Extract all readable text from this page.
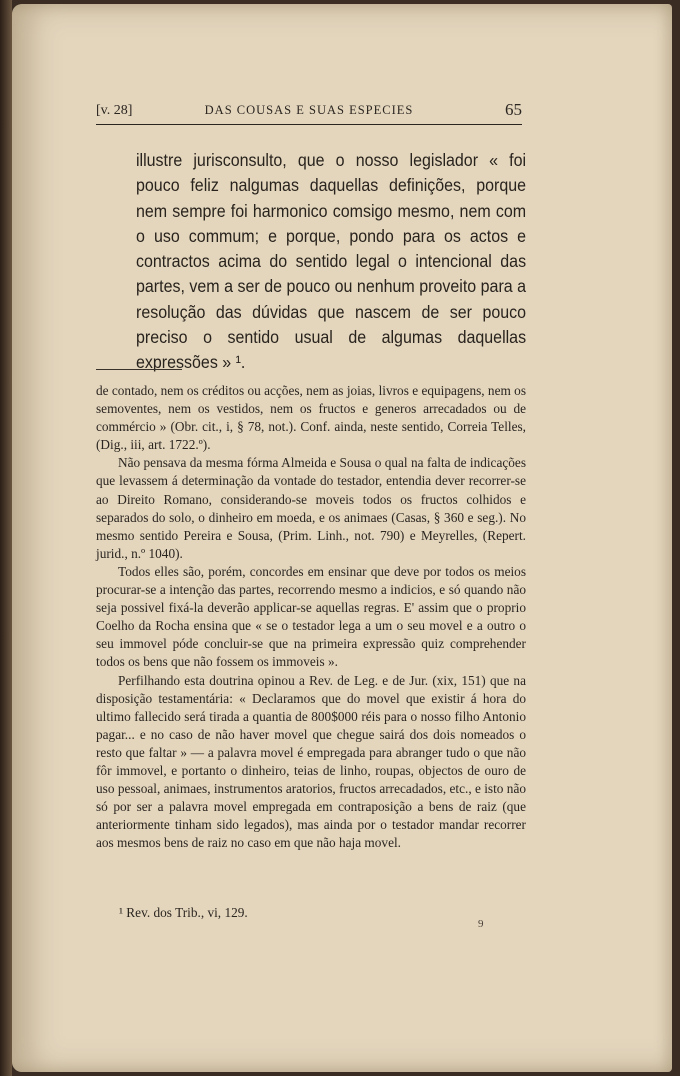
[v. 28]	DAS COUSAS E SUAS ESPECIES	65
illustre jurisconsulto, que o nosso legislador « foi pouco feliz nalgumas daquellas definições, porque nem sempre foi harmonico comsigo mesmo, nem com o uso commum; e porque, pondo para os actos e contractos acima do sentido legal o intencional das partes, vem a ser de pouco ou nenhum proveito para a resolução das dúvidas que nascem de ser pouco preciso o sentido usual de algumas daquellas expressões » ¹.

de contado, nem os créditos ou acções, nem as joias, livros e equipagens, nem os semoventes, nem os vestidos, nem os fructos e generos arrecadados ou de commércio » (Obr. cit., i, § 78, not.). Conf. ainda, neste sentido, Correia Telles, (Dig., iii, art. 1722.º).

Não pensava da mesma fórma Almeida e Sousa o qual na falta de indicações que levassem á determinação da vontade do testador, entendia dever recorrer-se ao Direito Romano, considerando-se moveis todos os fructos colhidos e separados do solo, o dinheiro em moeda, e os animaes (Casas, § 360 e seg.). No mesmo sentido Pereira e Sousa, (Prim. Linh., not. 790) e Meyrelles, (Repert. jurid., n.º 1040).

Todos elles são, porém, concordes em ensinar que deve por todos os meios procurar-se a intenção das partes, recorrendo mesmo a indicios, e só quando não seja possivel fixá-la deverão applicar-se aquellas regras. E' assim que o proprio Coelho da Rocha ensina que « se o testador lega a um o seu movel e a outro o seu immovel póde concluir-se que na primeira expressão quiz comprehender todos os bens que não fossem os immoveis ».

Perfilhando esta doutrina opinou a Rev. de Leg. e de Jur. (xix, 151) que na disposição testamentária: « Declaramos que do movel que existir á hora do ultimo fallecido será tirada a quantia de 800$000 réis para o nosso filho Antonio pagar... e no caso de não haver movel que chegue sairá dos dois nomeados o resto que faltar » — a palavra movel é empregada para abranger tudo o que não fôr immovel, e portanto o dinheiro, teias de linho, roupas, objectos de ouro de uso pessoal, animaes, instrumentos aratorios, fructos arrecadados, etc., e isto não só por ser a palavra movel empregada em contraposição a bens de raiz (que anteriormente tinham sido legados), mas ainda por o testador mandar recorrer aos mesmos bens de raiz no caso em que não haja movel.

¹ Rev. dos Trib., vi, 129.
9
